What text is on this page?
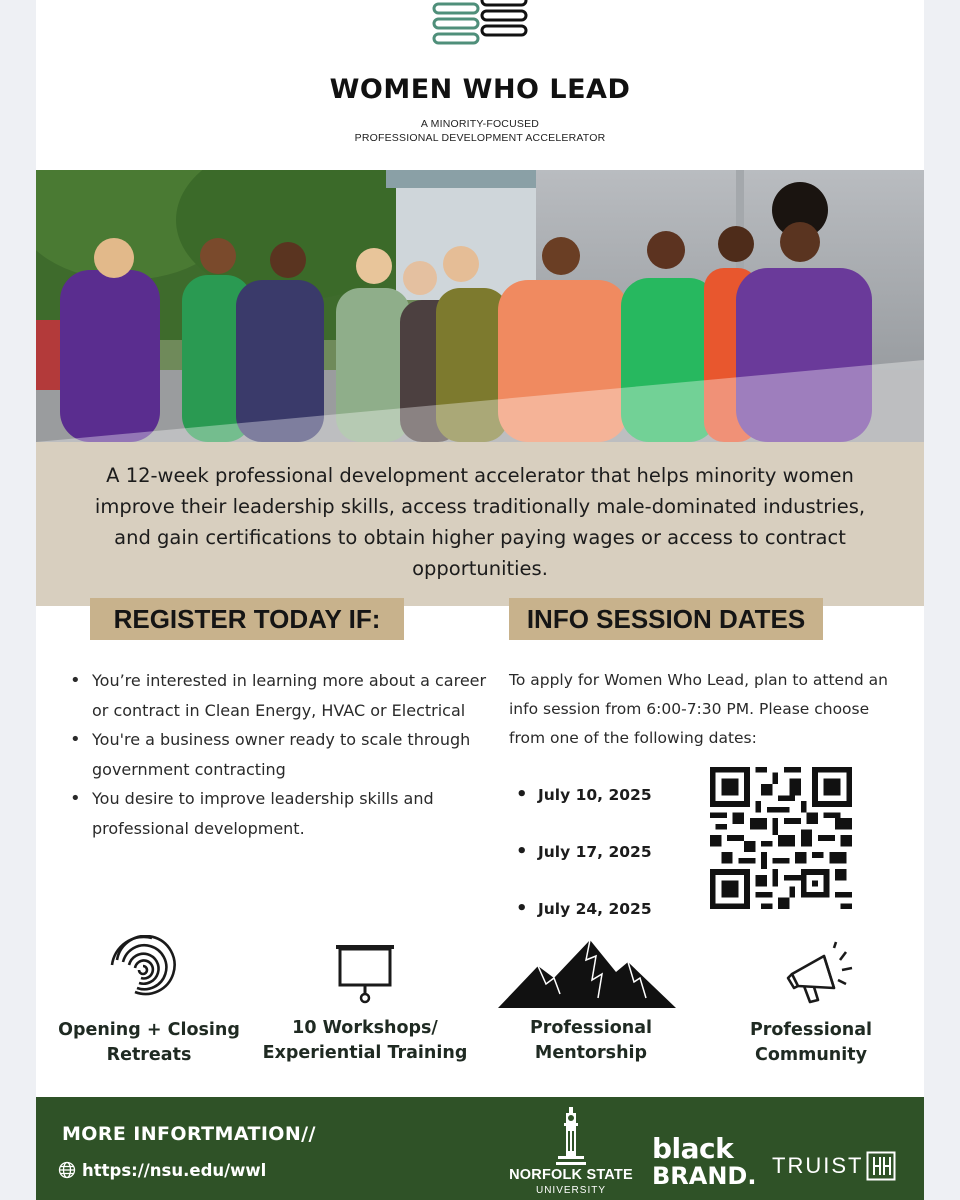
WOMEN WHO LEAD
A MINORITY-FOCUSED
PROFESSIONAL DEVELOPMENT ACCELERATOR

A 12-week professional development accelerator that helps minority women improve their leadership skills, access traditionally male-dominated industries, and gain certifications to obtain higher paying wages or access to contract opportunities.

REGISTER TODAY IF:	INFO SESSION DATES
• You’re interested in learning more about a career or contract in Clean Energy, HVAC or Electrical
• You're a business owner ready to scale through government contracting
• You desire to improve leadership skills and professional development.
To apply for Women Who Lead, plan to attend an info session from 6:00-7:30 PM. Please choose from one of the following dates:
• July 10, 2025
• July 17, 2025
• July 24, 2025
Opening + Closing
Retreats
10 Workshops/
Experiential Training
Professional
Mentorship
Professional
Community
MORE INFORTMATION//
https://nsu.edu/wwl	NORFOLK STATE
UNIVERSITY
black
BRAND. TRUIST
